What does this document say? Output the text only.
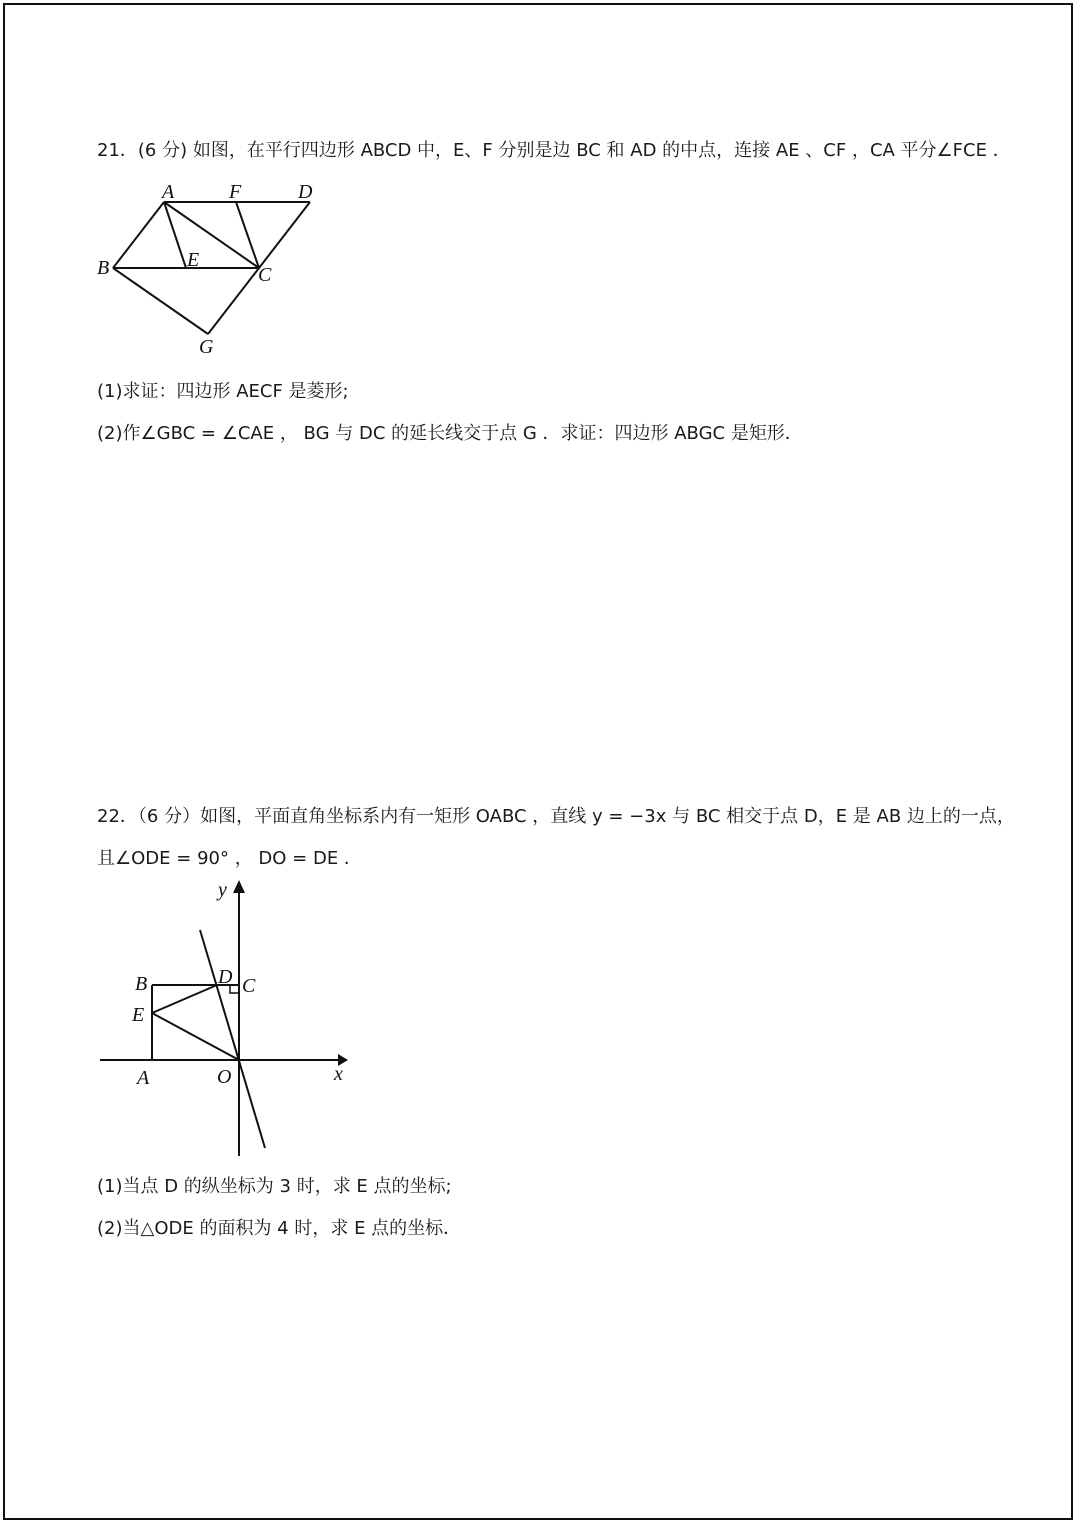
21．(6 分) 如图，在平行四边形 ABCD 中，E、F 分别是边 BC 和 AD 的中点，连接 AE 、CF ，CA 平分∠FCE ．
A	F	D
B	E
C
G
(1)求证：四边形 AECF 是菱形;
(2)作∠GBC = ∠CAE ， BG 与 DC 的延长线交于点 G ．求证：四边形 ABGC 是矩形．
22．（6 分）如图，平面直角坐标系内有一矩形 OABC ，直线 y = −3x 与 BC 相交于点 D，E 是 AB 边上的一点，
且∠ODE = 90° ， DO = DE ．
y
x
B	D C
E
A	O
(1)当点 D 的纵坐标为 3 时，求 E 点的坐标;
(2)当△ODE 的面积为 4 时，求 E 点的坐标．
